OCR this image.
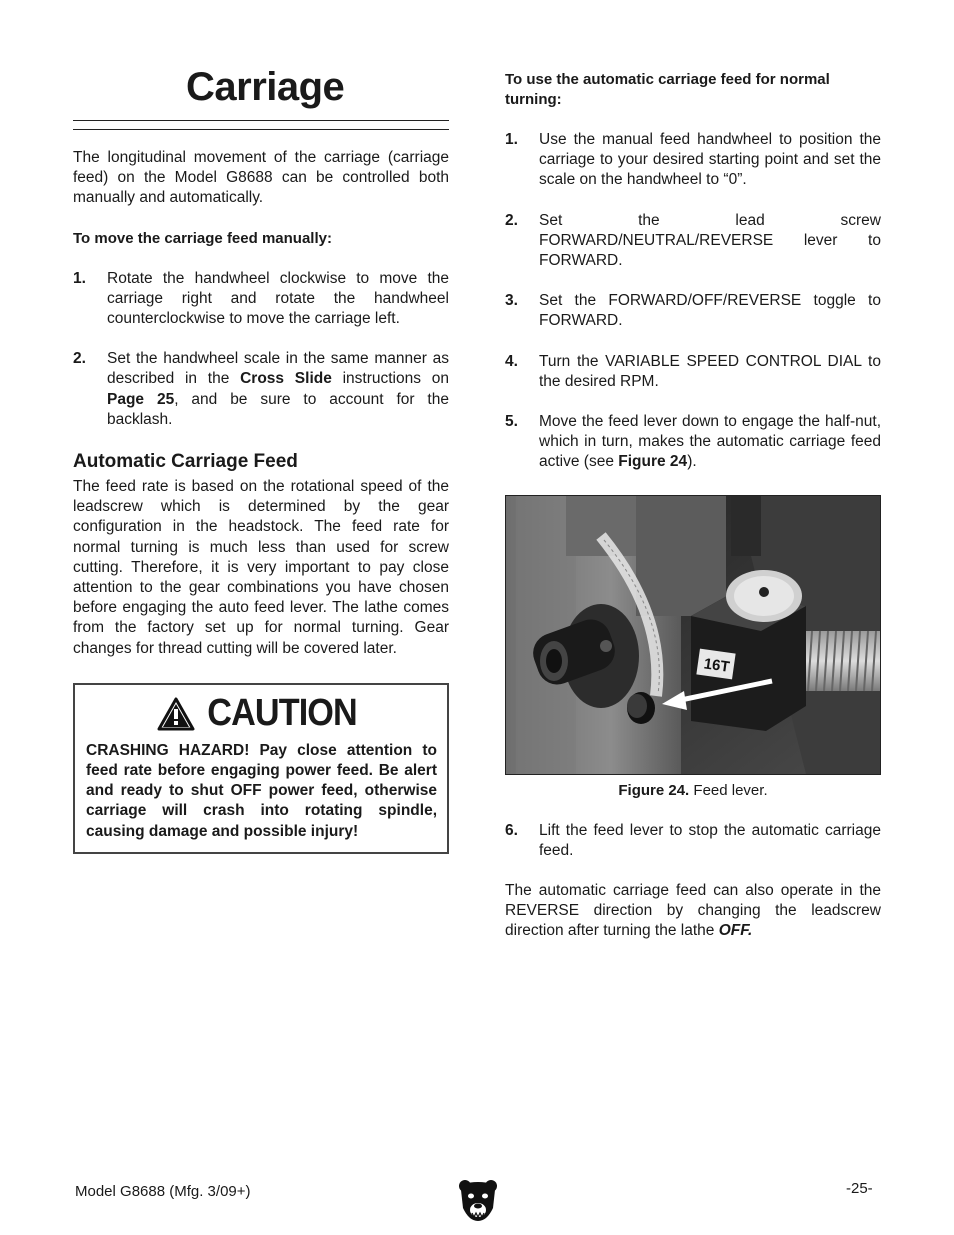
Carriage

The longitudinal movement of the carriage (carriage feed) on the Model G8688 can be controlled both manually and automatically.

To move the carriage feed manually:

1. Rotate the handwheel clockwise to move the carriage right and rotate the handwheel counterclockwise to move the carriage left.

2. Set the handwheel scale in the same manner as described in the Cross Slide instructions on Page 25, and be sure to account for the backlash.

Automatic Carriage Feed

The feed rate is based on the rotational speed of the leadscrew which is determined by the gear configuration in the headstock. The feed rate for normal turning is much less than used for screw cutting. Therefore, it is very important to pay close attention to the gear combinations you have chosen before engaging the auto feed lever. The lathe comes from the factory set up for normal turning. Gear changes for thread cutting will be covered later.

CAUTION

CRASHING HAZARD! Pay close attention to feed rate before engaging power feed. Be alert and ready to shut OFF power feed, otherwise carriage will crash into rotating spindle, causing damage and possible injury!

To use the automatic carriage feed for normal turning:

1. Use the manual feed handwheel to position the carriage to your desired starting point and set the scale on the handwheel to “0”.

2. Set the lead screw FORWARD/NEUTRAL/REVERSE lever to FORWARD.

3. Set the FORWARD/OFF/REVERSE toggle to FORWARD.

4. Turn the VARIABLE SPEED CONTROL DIAL to the desired RPM.

5. Move the feed lever down to engage the half-nut, which in turn, makes the automatic carriage feed active (see Figure 24).

16T
Figure 24. Feed lever.
6. Lift the feed lever to stop the automatic carriage feed.

The automatic carriage feed can also operate in the REVERSE direction by changing the leadscrew direction after turning the lathe OFF.

Model G8688 (Mfg. 3/09+)	-25-
